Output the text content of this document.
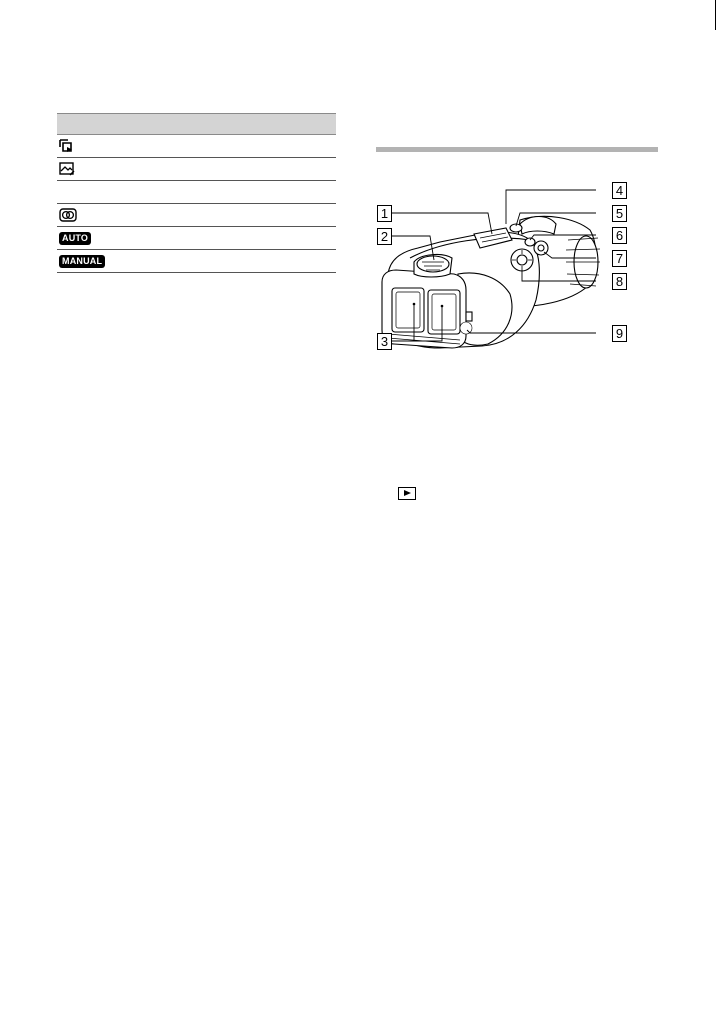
AUTO
MANUAL
1
2
3
4
5
6
7
8
9
